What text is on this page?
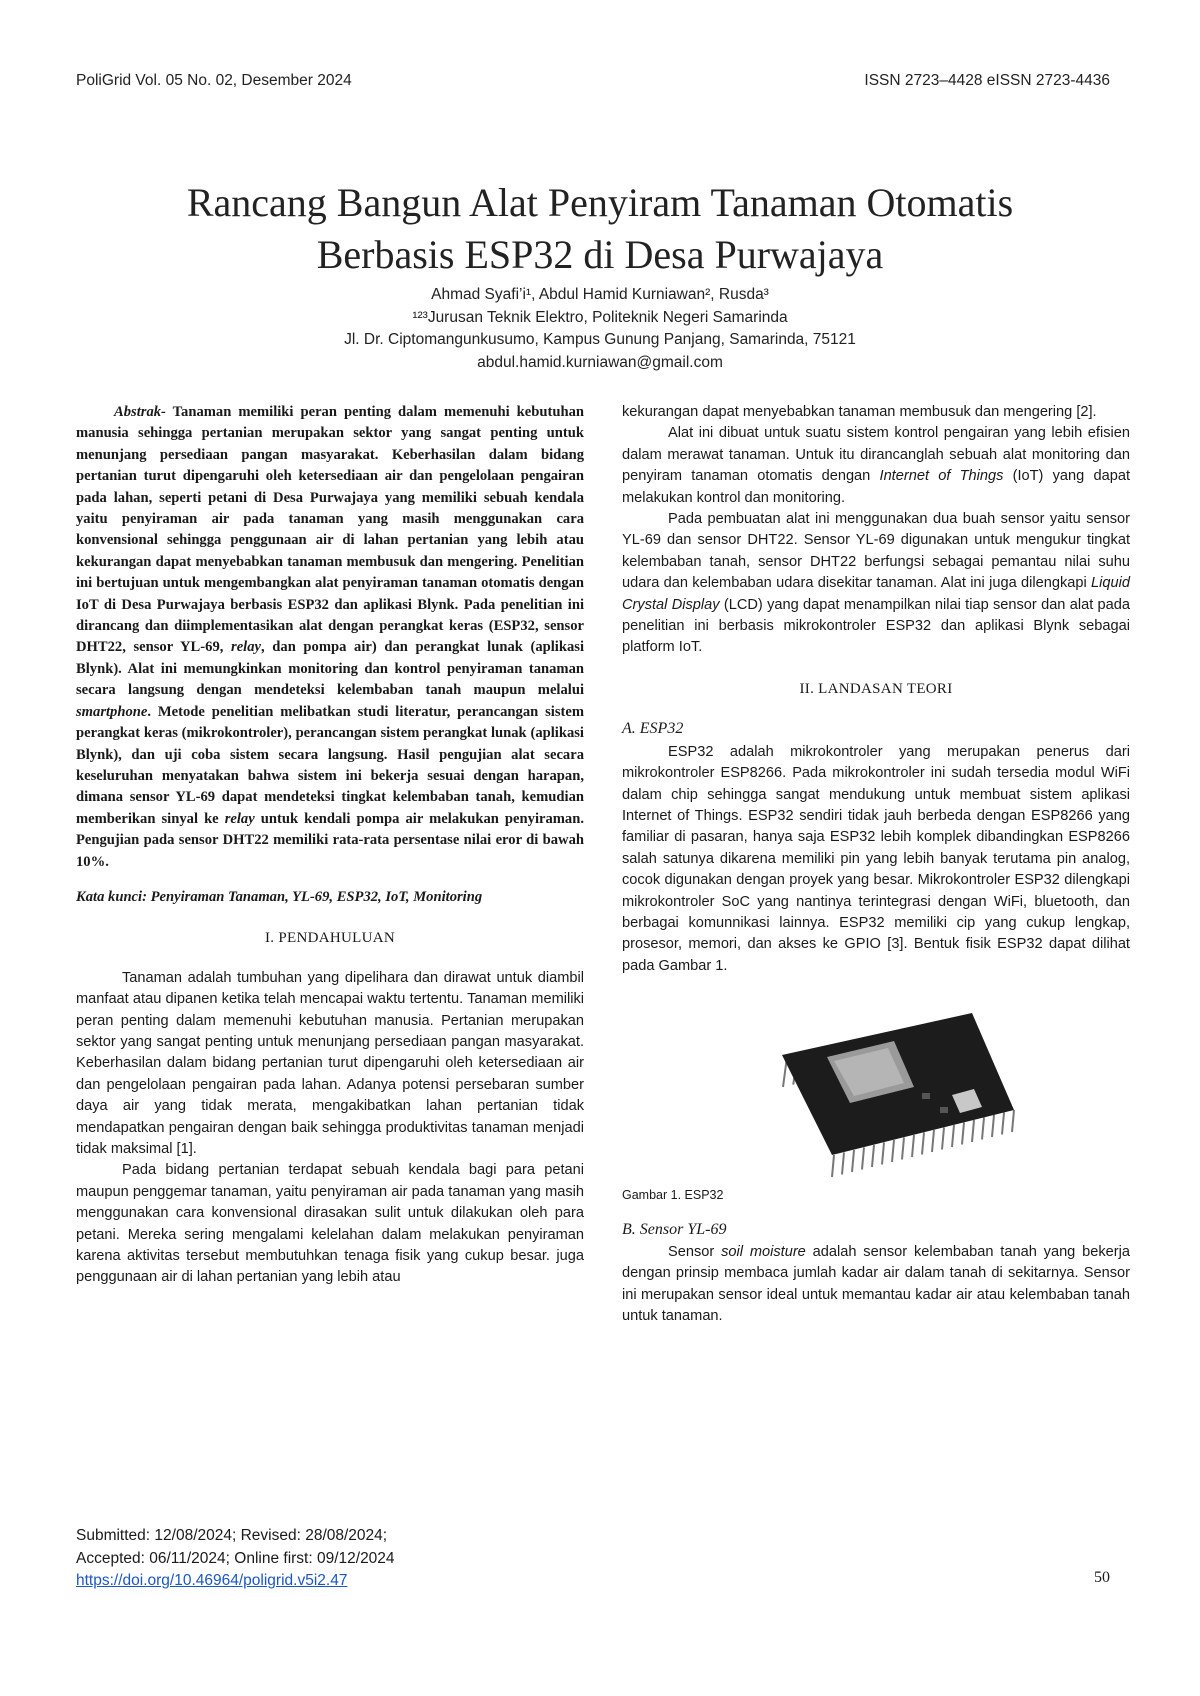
PoliGrid Vol. 05 No. 02, Desember 2024	ISSN 2723–4428 eISSN 2723-4436
Rancang Bangun Alat Penyiram Tanaman Otomatis
Berbasis ESP32 di Desa Purwajaya
Ahmad Syafi’i¹, Abdul Hamid Kurniawan², Rusda³
¹²³Jurusan Teknik Elektro, Politeknik Negeri Samarinda
Jl. Dr. Ciptomangunkusumo, Kampus Gunung Panjang, Samarinda, 75121
abdul.hamid.kurniawan@gmail.com

Abstrak- Tanaman memiliki peran penting dalam memenuhi kebutuhan manusia sehingga pertanian merupakan sektor yang sangat penting untuk menunjang persediaan pangan masyarakat. Keberhasilan dalam bidang pertanian turut dipengaruhi oleh ketersediaan air dan pengelolaan pengairan pada lahan, seperti petani di Desa Purwajaya yang memiliki sebuah kendala yaitu penyiraman air pada tanaman yang masih menggunakan cara konvensional sehingga penggunaan air di lahan pertanian yang lebih atau kekurangan dapat menyebabkan tanaman membusuk dan mengering. Penelitian ini bertujuan untuk mengembangkan alat penyiraman tanaman otomatis dengan IoT di Desa Purwajaya berbasis ESP32 dan aplikasi Blynk. Pada penelitian ini dirancang dan diimplementasikan alat dengan perangkat keras (ESP32, sensor DHT22, sensor YL-69, relay, dan pompa air) dan perangkat lunak (aplikasi Blynk). Alat ini memungkinkan monitoring dan kontrol penyiraman tanaman secara langsung dengan mendeteksi kelembaban tanah maupun melalui smartphone. Metode penelitian melibatkan studi literatur, perancangan sistem perangkat keras (mikrokontroler), perancangan sistem perangkat lunak (aplikasi Blynk), dan uji coba sistem secara langsung. Hasil pengujian alat secara keseluruhan menyatakan bahwa sistem ini bekerja sesuai dengan harapan, dimana sensor YL-69 dapat mendeteksi tingkat kelembaban tanah, kemudian memberikan sinyal ke relay untuk kendali pompa air melakukan penyiraman. Pengujian pada sensor DHT22 memiliki rata-rata persentase nilai eror di bawah 10%.

Kata kunci: Penyiraman Tanaman, YL-69, ESP32, IoT, Monitoring

I. PENDAHULUAN

Tanaman adalah tumbuhan yang dipelihara dan dirawat untuk diambil manfaat atau dipanen ketika telah mencapai waktu tertentu. Tanaman memiliki peran penting dalam memenuhi kebutuhan manusia. Pertanian merupakan sektor yang sangat penting untuk menunjang persediaan pangan masyarakat. Keberhasilan dalam bidang pertanian turut dipengaruhi oleh ketersediaan air dan pengelolaan pengairan pada lahan. Adanya potensi persebaran sumber daya air yang tidak merata, mengakibatkan lahan pertanian tidak mendapatkan pengairan dengan baik sehingga produktivitas tanaman menjadi tidak maksimal [1].

Pada bidang pertanian terdapat sebuah kendala bagi para petani maupun penggemar tanaman, yaitu penyiraman air pada tanaman yang masih menggunakan cara konvensional dirasakan sulit untuk dilakukan oleh para petani. Mereka sering mengalami kelelahan dalam melakukan penyiraman karena aktivitas tersebut membutuhkan tenaga fisik yang cukup besar. juga penggunaan air di lahan pertanian yang lebih atau

kekurangan dapat menyebabkan tanaman membusuk dan mengering [2].

Alat ini dibuat untuk suatu sistem kontrol pengairan yang lebih efisien dalam merawat tanaman. Untuk itu dirancanglah sebuah alat monitoring dan penyiram tanaman otomatis dengan Internet of Things (IoT) yang dapat melakukan kontrol dan monitoring.

Pada pembuatan alat ini menggunakan dua buah sensor yaitu sensor YL-69 dan sensor DHT22. Sensor YL-69 digunakan untuk mengukur tingkat kelembaban tanah, sensor DHT22 berfungsi sebagai pemantau nilai suhu udara dan kelembaban udara disekitar tanaman. Alat ini juga dilengkapi Liquid Crystal Display (LCD) yang dapat menampilkan nilai tiap sensor dan alat pada penelitian ini berbasis mikrokontroler ESP32 dan aplikasi Blynk sebagai platform IoT.

II. LANDASAN TEORI
A. ESP32

ESP32 adalah mikrokontroler yang merupakan penerus dari mikrokontroler ESP8266. Pada mikrokontroler ini sudah tersedia modul WiFi dalam chip sehingga sangat mendukung untuk membuat sistem aplikasi Internet of Things. ESP32 sendiri tidak jauh berbeda dengan ESP8266 yang familiar di pasaran, hanya saja ESP32 lebih komplek dibandingkan ESP8266 salah satunya dikarena memiliki pin yang lebih banyak terutama pin analog, cocok digunakan dengan proyek yang besar. Mikrokontroler ESP32 dilengkapi mikrokontroler SoC yang nantinya terintegrasi dengan WiFi, bluetooth, dan berbagai komunnikasi lainnya. ESP32 memiliki cip yang cukup lengkap, prosesor, memori, dan akses ke GPIO [3]. Bentuk fisik ESP32 dapat dilihat pada Gambar 1.

Gambar 1. ESP32
B. Sensor YL-69

Sensor soil moisture adalah sensor kelembaban tanah yang bekerja dengan prinsip membaca jumlah kadar air dalam tanah di sekitarnya. Sensor ini merupakan sensor ideal untuk memantau kadar air atau kelembaban tanah untuk tanaman.

Submitted: 12/08/2024; Revised: 28/08/2024;
Accepted: 06/11/2024; Online first: 09/12/2024
https://doi.org/10.46964/poligrid.v5i2.47	50
